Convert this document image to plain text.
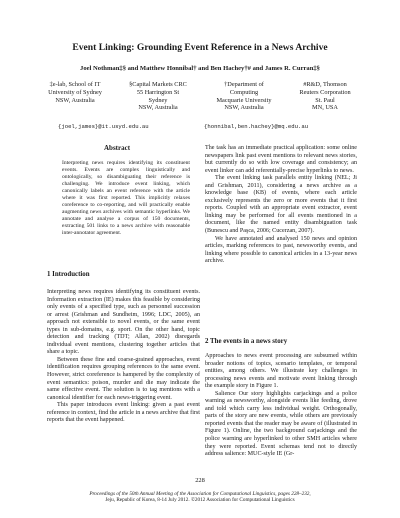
Event Linking: Grounding Event Reference in a News Archive
Joel Nothman‡§ and Matthew Honnibal† and Ben Hachey†# and James R. Curran‡§
‡e-lab, School of IT
University of Sydney
NSW, Australia
§Capital Markets CRC
55 Harrington St
Sydney
NSW, Australia
†Department of
Computing
Macquarie University
NSW, Australia
#R&D, Thomson
Reuters Corporation
St. Paul
MN, USA
{joel,james}@it.usyd.edu.au	{honnibal,ben.hachey}@mq.edu.au
Abstract

Interpreting news requires identifying its constituent events. Events are complex linguistically and ontologically, so disambiguating their reference is challenging. We introduce event linking, which canonically labels an event reference with the article where it was first reported. This implicitly relaxes coreference to co-reporting, and will practically enable augmenting news archives with semantic hyperlinks. We annotate and analyse a corpus of 150 documents, extracting 501 links to a news archive with reasonable inter-annotator agreement.

1 Introduction

Interpreting news requires identifying its constituent events. Information extraction (IE) makes this feasible by considering only events of a specified type, such as personnel succession or arrest (Grishman and Sundheim, 1996; LDC, 2005), an approach not extensible to novel events, or the same event types in sub-domains, e.g. sport. On the other hand, topic detection and tracking (TDT; Allan, 2002) disregards individual event mentions, clustering together articles that share a topic.

Between these fine and coarse-grained approaches, event identification requires grouping references to the same event. However, strict coreference is hampered by the complexity of event semantics: poison, murder and die may indicate the same effective event. The solution is to tag mentions with a canonical identifier for each news-triggering event.

This paper introduces event linking: given a past event reference in context, find the article in a news archive that first reports that the event happened.

The task has an immediate practical application: some online newspapers link past event mentions to relevant news stories, but currently do so with low coverage and consistency; an event linker can add referentially-precise hyperlinks to news.

The event linking task parallels entity linking (NEL; Ji and Grishman, 2011), considering a news archive as a knowledge base (KB) of events, where each article exclusively represents the zero or more events that it first reports. Coupled with an appropriate event extractor, event linking may be performed for all events mentioned in a document, like the named entity disambiguation task (Bunescu and Paşca, 2006; Cucerzan, 2007).

We have annotated and analysed 150 news and opinion articles, marking references to past, newsworthy events, and linking where possible to canonical articles in a 13-year news archive.

2 The events in a news story

Approaches to news event processing are subsumed within broader notions of topics, scenario templates, or temporal entities, among others. We illustrate key challenges in processing news events and motivate event linking through the example story in Figure 1.

Salience Our story highlights carjackings and a police warning as newsworthy, alongside events like feeding, drove and told which carry less individual weight. Orthogonally, parts of the story are new events, while others are previously reported events that the reader may be aware of (illustrated in Figure 1). Online, the two background carjackings and the police warning are hyperlinked to other SMH articles where they were reported. Event schemas tend not to directly address salience: MUC-style IE (Gr-

228
Proceedings of the 50th Annual Meeting of the Association for Computational Linguistics, pages 228–232,
Jeju, Republic of Korea, 8-14 July 2012. ©2012 Association for Computational Linguistics
